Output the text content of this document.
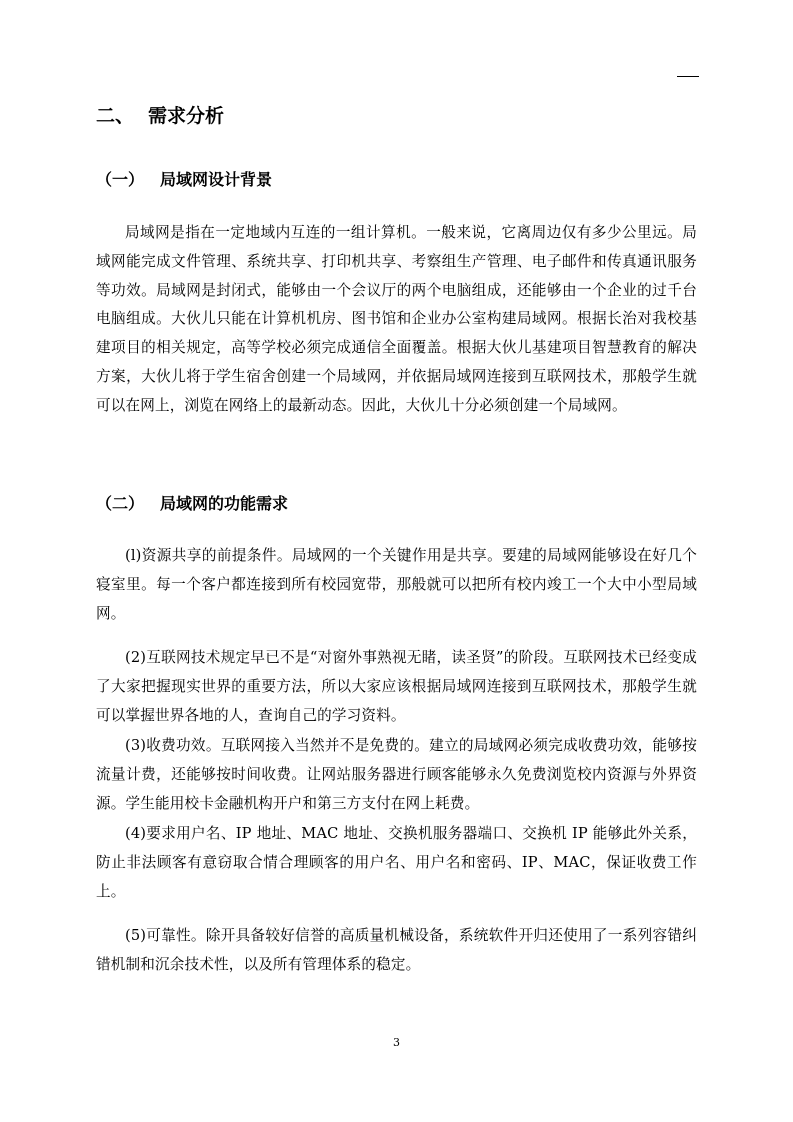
二、 需求分析
（一） 局域网设计背景

局域网是指在一定地域内互连的一组计算机。一般来说，它离周边仅有多少公里远。局域网能完成文件管理、系统共享、打印机共享、考察组生产管理、电子邮件和传真通讯服务等功效。局域网是封闭式，能够由一个会议厅的两个电脑组成，还能够由一个企业的过千台电脑组成。大伙儿只能在计算机机房、图书馆和企业办公室构建局域网。根据长治对我校基建项目的相关规定，高等学校必须完成通信全面覆盖。根据大伙儿基建项目智慧教育的解决方案，大伙儿将于学生宿舍创建一个局域网，并依据局域网连接到互联网技术，那般学生就可以在网上，浏览在网络上的最新动态。因此，大伙儿十分必须创建一个局域网。

（二） 局域网的功能需求

(l)资源共享的前提条件。局域网的一个关键作用是共享。要建的局域网能够设在好几个寝室里。每一个客户都连接到所有校园宽带，那般就可以把所有校内竣工一个大中小型局域网。

(2)互联网技术规定早已不是“对窗外事熟视无睹，读圣贤”的阶段。互联网技术已经变成了大家把握现实世界的重要方法，所以大家应该根据局域网连接到互联网技术，那般学生就可以掌握世界各地的人，查询自己的学习资料。

(3)收费功效。互联网接入当然并不是免费的。建立的局域网必须完成收费功效，能够按流量计费，还能够按时间收费。让网站服务器进行顾客能够永久免费浏览校内资源与外界资源。学生能用校卡金融机构开户和第三方支付在网上耗费。

(4)要求用户名、IP 地址、MAC 地址、交换机服务器端口、交换机 IP 能够此外关系，防止非法顾客有意窃取合情合理顾客的用户名、用户名和密码、IP、MAC，保证收费工作上。

(5)可靠性。除开具备较好信誉的高质量机械设备，系统软件开归还使用了一系列容错纠错机制和沉余技术性，以及所有管理体系的稳定。

3
